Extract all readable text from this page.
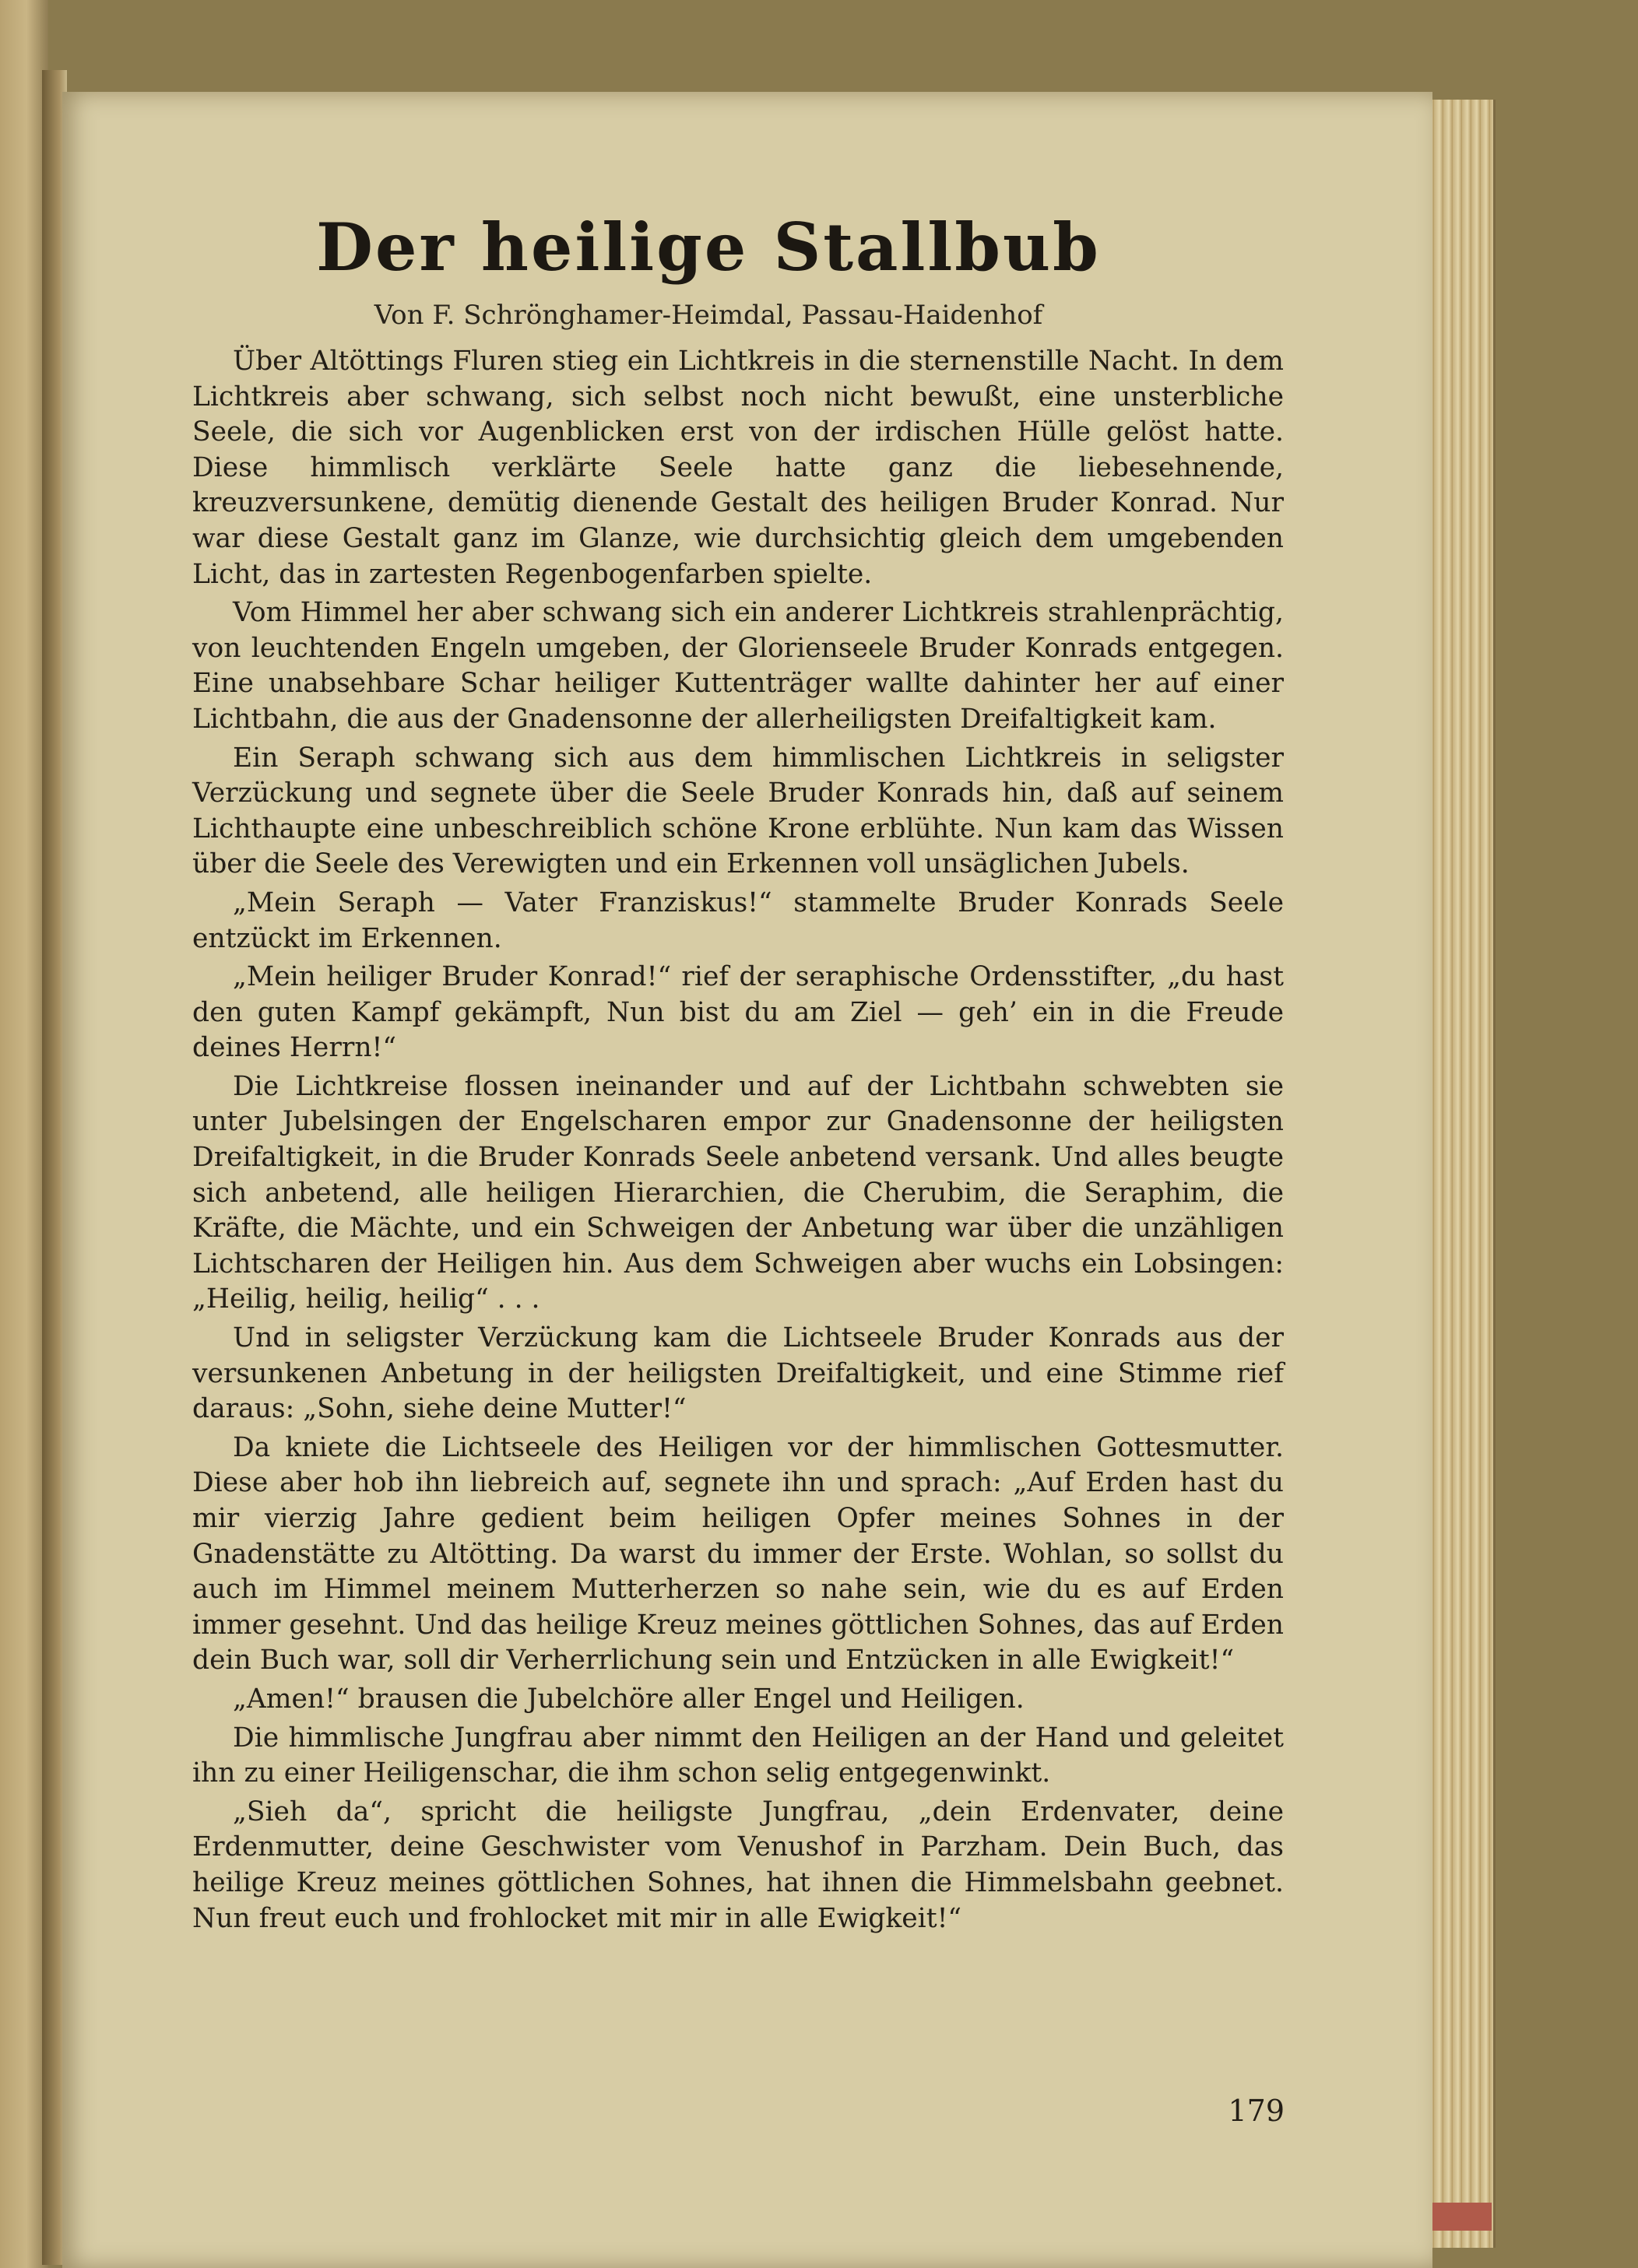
Der heilige Stallbub
Von F. Schrönghamer-Heimdal, Passau-Haidenhof

Über Altöttings Fluren stieg ein Lichtkreis in die sternenstille Nacht. In dem Lichtkreis aber schwang, sich selbst noch nicht bewußt, eine unsterbliche Seele, die sich vor Augenblicken erst von der irdischen Hülle gelöst hatte. Diese himmlisch verklärte Seele hatte ganz die liebesehnende, kreuzversunkene, demütig dienende Gestalt des heiligen Bruder Konrad. Nur war diese Gestalt ganz im Glanze, wie durchsichtig gleich dem umgebenden Licht, das in zartesten Regenbogenfarben spielte.

Vom Himmel her aber schwang sich ein anderer Lichtkreis strahlenprächtig, von leuchtenden Engeln umgeben, der Glorienseele Bruder Konrads entgegen. Eine unabsehbare Schar heiliger Kuttenträger wallte dahinter her auf einer Lichtbahn, die aus der Gnadensonne der allerheiligsten Dreifaltigkeit kam.

Ein Seraph schwang sich aus dem himmlischen Lichtkreis in seligster Verzückung und segnete über die Seele Bruder Konrads hin, daß auf seinem Lichthaupte eine unbeschreiblich schöne Krone erblühte. Nun kam das Wissen über die Seele des Verewigten und ein Erkennen voll unsäglichen Jubels.

„Mein Seraph — Vater Franziskus!“ stammelte Bruder Konrads Seele entzückt im Erkennen.

„Mein heiliger Bruder Konrad!“ rief der seraphische Ordensstifter, „du hast den guten Kampf gekämpft, Nun bist du am Ziel — geh’ ein in die Freude deines Herrn!“

Die Lichtkreise flossen ineinander und auf der Lichtbahn schwebten sie unter Jubelsingen der Engelscharen empor zur Gnadensonne der heiligsten Dreifaltigkeit, in die Bruder Konrads Seele anbetend versank. Und alles beugte sich anbetend, alle heiligen Hierarchien, die Cherubim, die Seraphim, die Kräfte, die Mächte, und ein Schweigen der Anbetung war über die unzähligen Lichtscharen der Heiligen hin. Aus dem Schweigen aber wuchs ein Lobsingen: „Heilig, heilig, heilig“ . . .

Und in seligster Verzückung kam die Lichtseele Bruder Konrads aus der versunkenen Anbetung in der heiligsten Dreifaltigkeit, und eine Stimme rief daraus: „Sohn, siehe deine Mutter!“

Da kniete die Lichtseele des Heiligen vor der himmlischen Gottesmutter. Diese aber hob ihn liebreich auf, segnete ihn und sprach: „Auf Erden hast du mir vierzig Jahre gedient beim heiligen Opfer meines Sohnes in der Gnadenstätte zu Altötting. Da warst du immer der Erste. Wohlan, so sollst du auch im Himmel meinem Mutterherzen so nahe sein, wie du es auf Erden immer gesehnt. Und das heilige Kreuz meines göttlichen Sohnes, das auf Erden dein Buch war, soll dir Verherrlichung sein und Entzücken in alle Ewigkeit!“

„Amen!“ brausen die Jubelchöre aller Engel und Heiligen.

Die himmlische Jungfrau aber nimmt den Heiligen an der Hand und geleitet ihn zu einer Heiligenschar, die ihm schon selig entgegenwinkt.

„Sieh da“, spricht die heiligste Jungfrau, „dein Erdenvater, deine Erdenmutter, deine Geschwister vom Venushof in Parzham. Dein Buch, das heilige Kreuz meines göttlichen Sohnes, hat ihnen die Himmelsbahn geebnet. Nun freut euch und frohlocket mit mir in alle Ewigkeit!“

179
